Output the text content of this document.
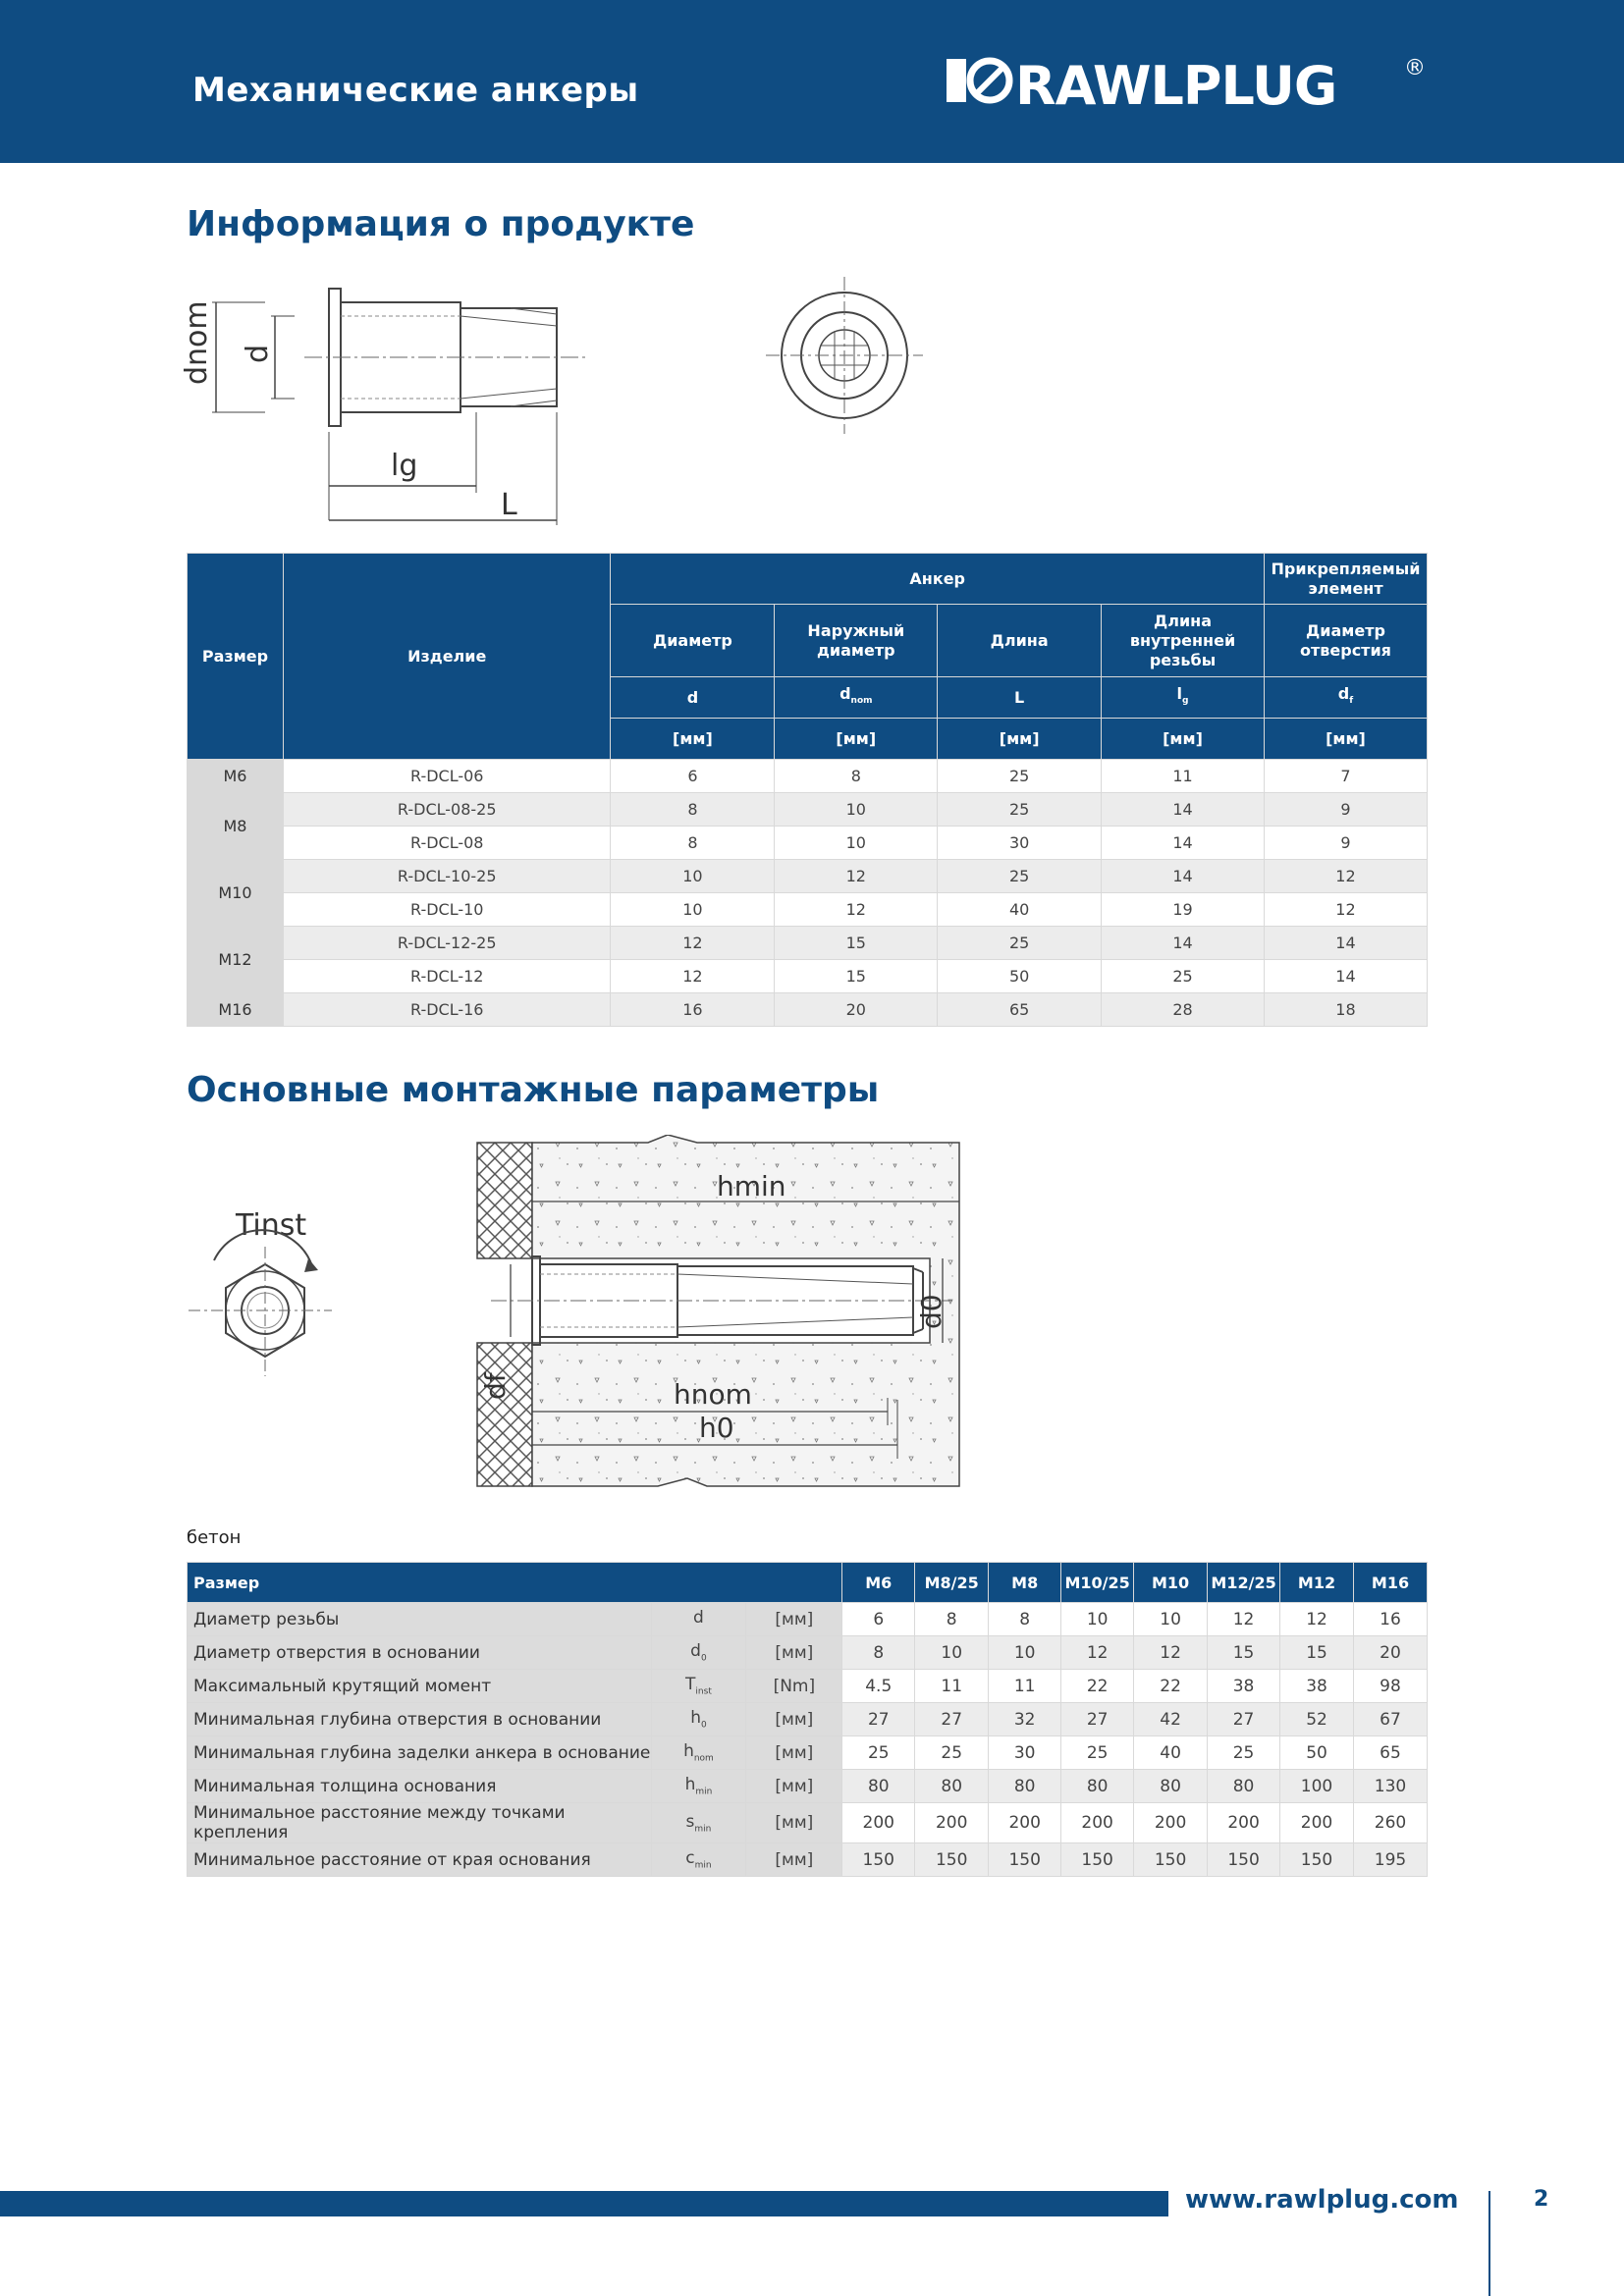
Механические анкеры	RAWLPLUG	®
Информация о продукте
dnom d
lg
L
Размер	Изделие	Анкер				Прикрепляемый элемент
		Диаметр	Наружный диаметр	Длина	Длина внутренней резьбы	Диаметр отверстия
		d	$d_{nom}$	L	$l_g$	$d_f$
		[мм]	[мм]	[мм]	[мм]	[мм]
M6	R-DCL-06	6	8	25	11	7
M8	R-DCL-08-25	8	10	25	14	9
	R-DCL-08	8	10	30	14	9
M10	R-DCL-10-25	10	12	25	14	12
	R-DCL-10	10	12	40	19	12
M12	R-DCL-12-25	12	15	25	14	14
	R-DCL-12	12	15	50	25	14
M16	R-DCL-16	16	20	65	28	18
Основные монтажные параметры
Tinst
hmin
d0
df	hnom
h0
бетон
Размер			M6	M8/25	M8	M10/25	M10	M12/25	M12	M16
Диаметр резьбы	d	[мм]	6	8	8	10	10	12	12	16
Диаметр отверстия в основании	$d_0$	[мм]	8	10	10	12	12	15	15	20
Максимальный крутящий момент	$T_{inst}$	[Nm]	4.5	11	11	22	22	38	38	98
Минимальная глубина отверстия в основании	$h_0$	[мм]	27	27	32	27	42	27	52	67
Минимальная глубина заделки анкера в основание	$h_{nom}$	[мм]	25	25	30	25	40	25	50	65
Минимальная толщина основания	$h_{min}$	[мм]	80	80	80	80	80	80	100	130
Минимальное расстояние между точками крепления	$s_{min}$	[мм]	200	200	200	200	200	200	200	260
Минимальное расстояние от края основания	$c_{min}$	[мм]	150	150	150	150	150	150	150	195
www.rawlplug.com	2
